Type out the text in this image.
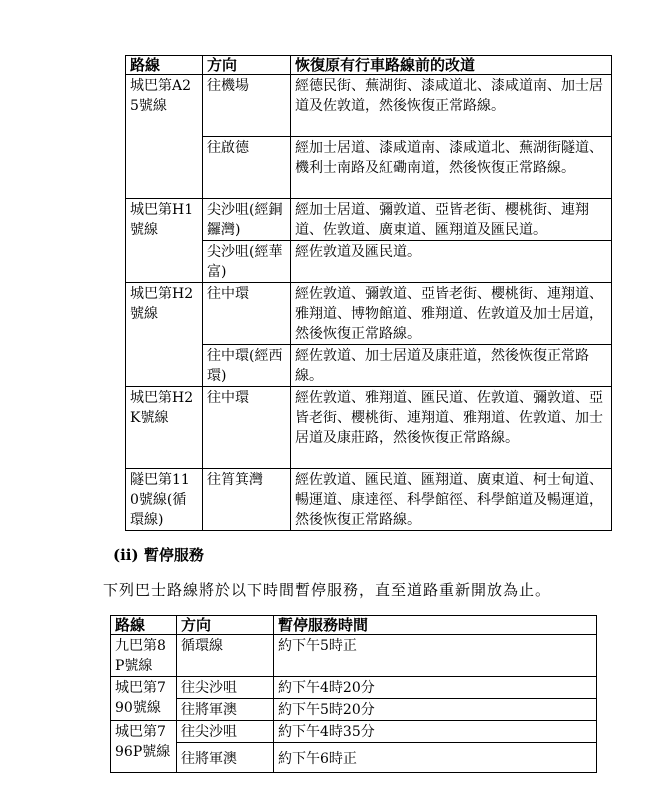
路線	方向	恢復原有行車路線前的改道
城巴第A25號線	往機場	經德民街、蕪湖街、漆咸道北、漆咸道南、加士居道及佐敦道，然後恢復正常路線。
	往啟德	經加士居道、漆咸道南、漆咸道北、蕪湖街隧道、機利士南路及紅磡南道，然後恢復正常路線。
城巴第H1號線	尖沙咀(經銅鑼灣)	經加士居道、彌敦道、亞皆老街、櫻桃街、連翔道、佐敦道、廣東道、匯翔道及匯民道。
	尖沙咀(經華富)	經佐敦道及匯民道。
城巴第H2號線	往中環	經佐敦道、彌敦道、亞皆老街、櫻桃街、連翔道、雅翔道、博物館道、雅翔道、佐敦道及加士居道，然後恢復正常路線。
	往中環(經西環)	經佐敦道、加士居道及康莊道，然後恢復正常路線。
城巴第H2K號線	往中環	經佐敦道、雅翔道、匯民道、佐敦道、彌敦道、亞皆老街、櫻桃街、連翔道、雅翔道、佐敦道、加士居道及康莊路，然後恢復正常路線。
隧巴第110號線(循環線)	往筲箕灣	經佐敦道、匯民道、匯翔道、廣東道、柯士甸道、暢運道、康達徑、科學館徑、科學館道及暢運道，然後恢復正常路線。
(ii) 暫停服務
下列巴士路線將於以下時間暫停服務，直至道路重新開放為止。
路線	方向	暫停服務時間
九巴第8P號線	循環線	約下午5時正
城巴第790號線	往尖沙咀	約下午4時20分
	往將軍澳	約下午5時20分
城巴第796P號線	往尖沙咀	約下午4時35分
	往將軍澳	約下午6時正
